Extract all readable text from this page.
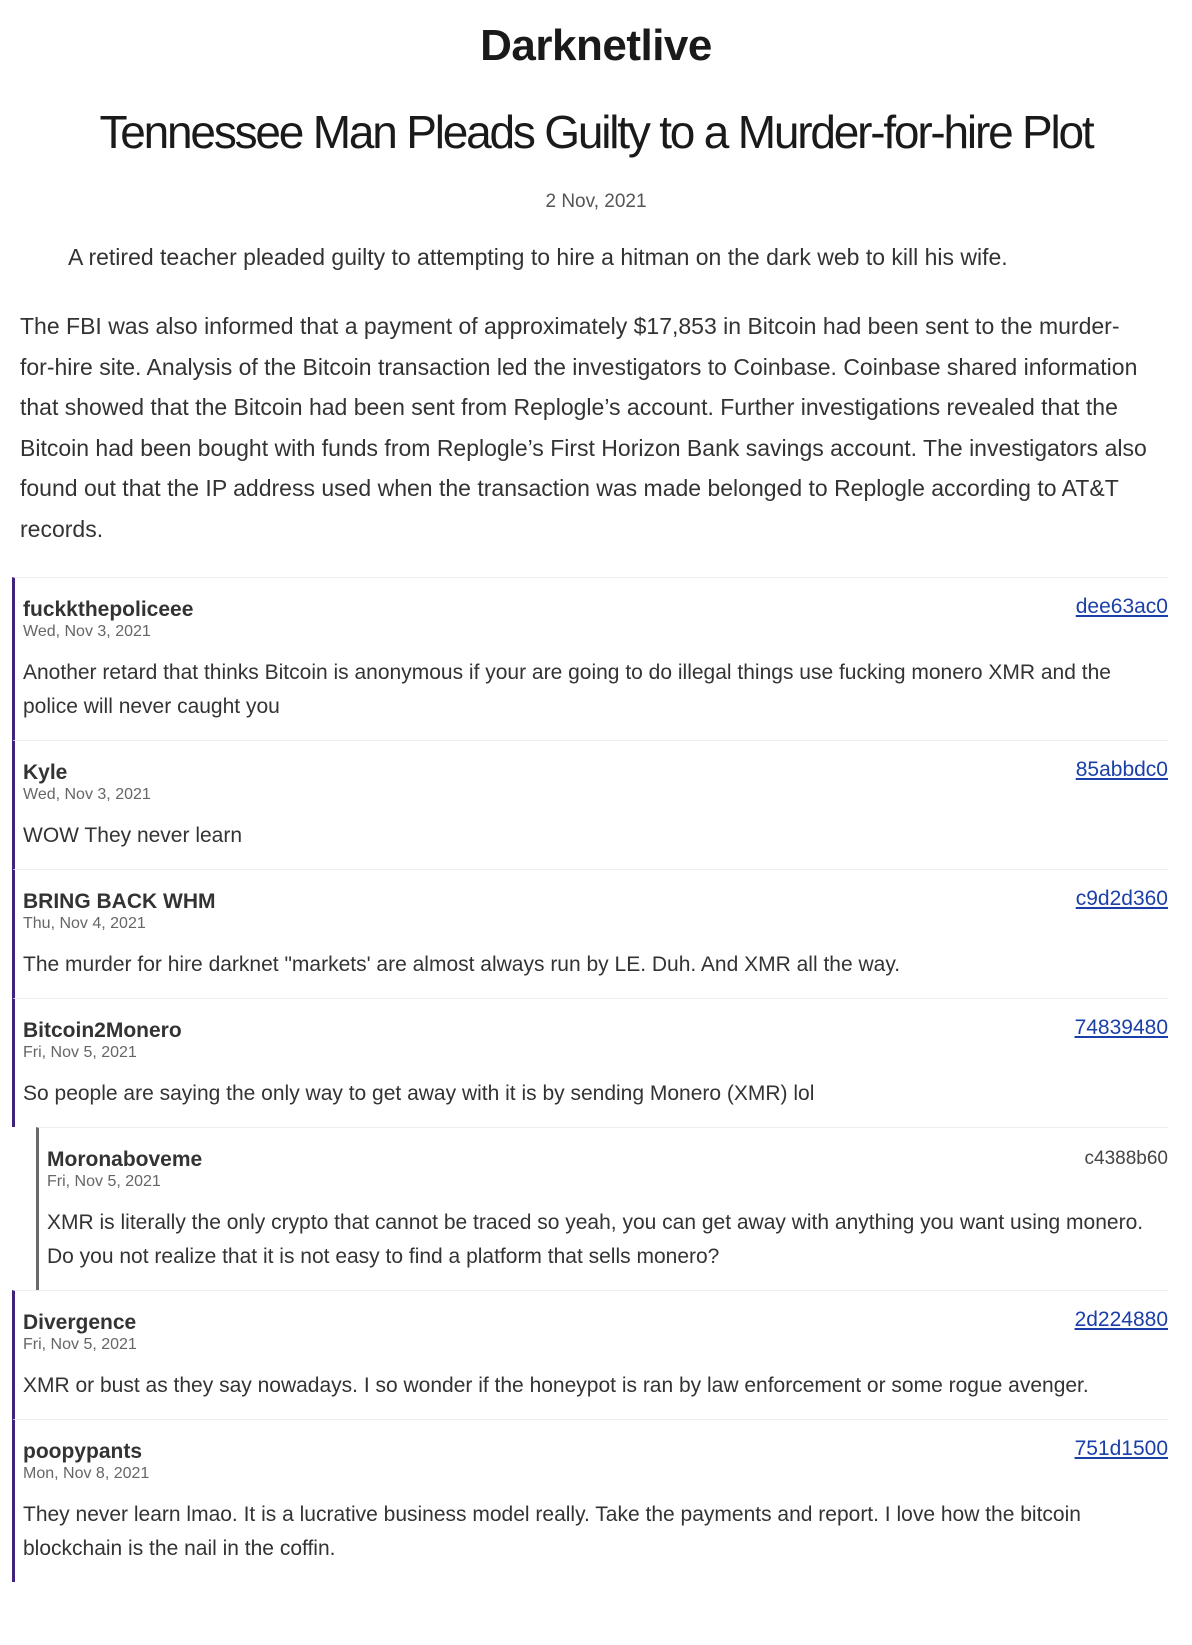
Darknetlive
Tennessee Man Pleads Guilty to a Murder-for-hire Plot
2 Nov, 2021

A retired teacher pleaded guilty to attempting to hire a hitman on the dark web to kill his wife.

The FBI was also informed that a payment of approximately $17,853 in Bitcoin had been sent to the murder-for-hire site. Analysis of the Bitcoin transaction led the investigators to Coinbase. Coinbase shared information that showed that the Bitcoin had been sent from Replogle’s account. Further investigations revealed that the Bitcoin had been bought with funds from Replogle’s First Horizon Bank savings account. The investigators also found out that the IP address used when the transaction was made belonged to Replogle according to AT&T records.

fuckkthepoliceee
Wed, Nov 3, 2021
dee63ac0
Another retard that thinks Bitcoin is anonymous if your are going to do illegal things use fucking monero XMR and the police will never caught you
Kyle
Wed, Nov 3, 2021
85abbdc0
WOW They never learn
BRING BACK WHM
Thu, Nov 4, 2021
c9d2d360
The murder for hire darknet "markets' are almost always run by LE. Duh. And XMR all the way.
Bitcoin2Monero
Fri, Nov 5, 2021
74839480
So people are saying the only way to get away with it is by sending Monero (XMR) lol
Moronaboveme
Fri, Nov 5, 2021
c4388b60
XMR is literally the only crypto that cannot be traced so yeah, you can get away with anything you want using monero. Do you not realize that it is not easy to find a platform that sells monero?
Divergence
Fri, Nov 5, 2021
2d224880
XMR or bust as they say nowadays. I so wonder if the honeypot is ran by law enforcement or some rogue avenger.
poopypants
Mon, Nov 8, 2021
751d1500
They never learn lmao. It is a lucrative business model really. Take the payments and report. I love how the bitcoin blockchain is the nail in the coffin.
